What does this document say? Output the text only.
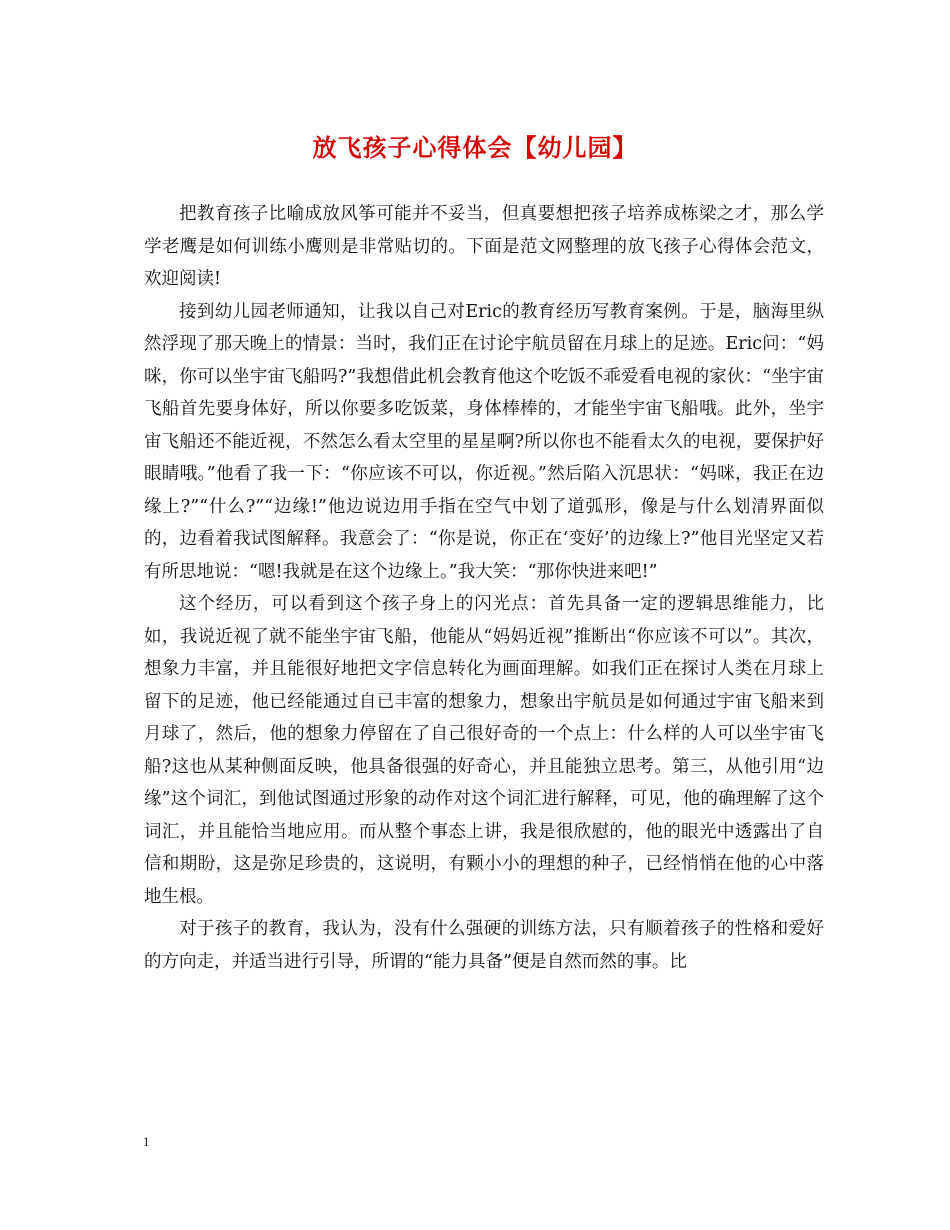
放飞孩子心得体会【幼儿园】

把教育孩子比喻成放风筝可能并不妥当，但真要想把孩子培养成栋梁之才，那么学学老鹰是如何训练小鹰则是非常贴切的。下面是范文网整理的放飞孩子心得体会范文，欢迎阅读!

接到幼儿园老师通知，让我以自己对Eric的教育经历写教育案例。于是，脑海里纵然浮现了那天晚上的情景：当时，我们正在讨论宇航员留在月球上的足迹。Eric问：“妈咪，你可以坐宇宙飞船吗?”我想借此机会教育他这个吃饭不乖爱看电视的家伙：“坐宇宙飞船首先要身体好，所以你要多吃饭菜，身体棒棒的，才能坐宇宙飞船哦。此外，坐宇宙飞船还不能近视，不然怎么看太空里的星星啊?所以你也不能看太久的电视，要保护好眼睛哦。”他看了我一下：“你应该不可以，你近视。”然后陷入沉思状：“妈咪，我正在边缘上?”“什么?”“边缘!”他边说边用手指在空气中划了道弧形，像是与什么划清界面似的，边看着我试图解释。我意会了：“你是说，你正在‘变好’的边缘上?”他目光坚定又若有所思地说：“嗯!我就是在这个边缘上。”我大笑：“那你快进来吧!”

这个经历，可以看到这个孩子身上的闪光点：首先具备一定的逻辑思维能力，比如，我说近视了就不能坐宇宙飞船，他能从“妈妈近视”推断出“你应该不可以”。其次，想象力丰富，并且能很好地把文字信息转化为画面理解。如我们正在探讨人类在月球上留下的足迹，他已经能通过自已丰富的想象力，想象出宇航员是如何通过宇宙飞船来到月球了，然后，他的想象力停留在了自己很好奇的一个点上：什么样的人可以坐宇宙飞船?这也从某种侧面反映，他具备很强的好奇心，并且能独立思考。第三，从他引用“边缘”这个词汇，到他试图通过形象的动作对这个词汇进行解释，可见，他的确理解了这个词汇，并且能恰当地应用。而从整个事态上讲，我是很欣慰的，他的眼光中透露出了自信和期盼，这是弥足珍贵的，这说明，有颗小小的理想的种子，已经悄悄在他的心中落地生根。

对于孩子的教育，我认为，没有什么强硬的训练方法，只有顺着孩子的性格和爱好的方向走，并适当进行引导，所谓的“能力具备”便是自然而然的事。比

1
